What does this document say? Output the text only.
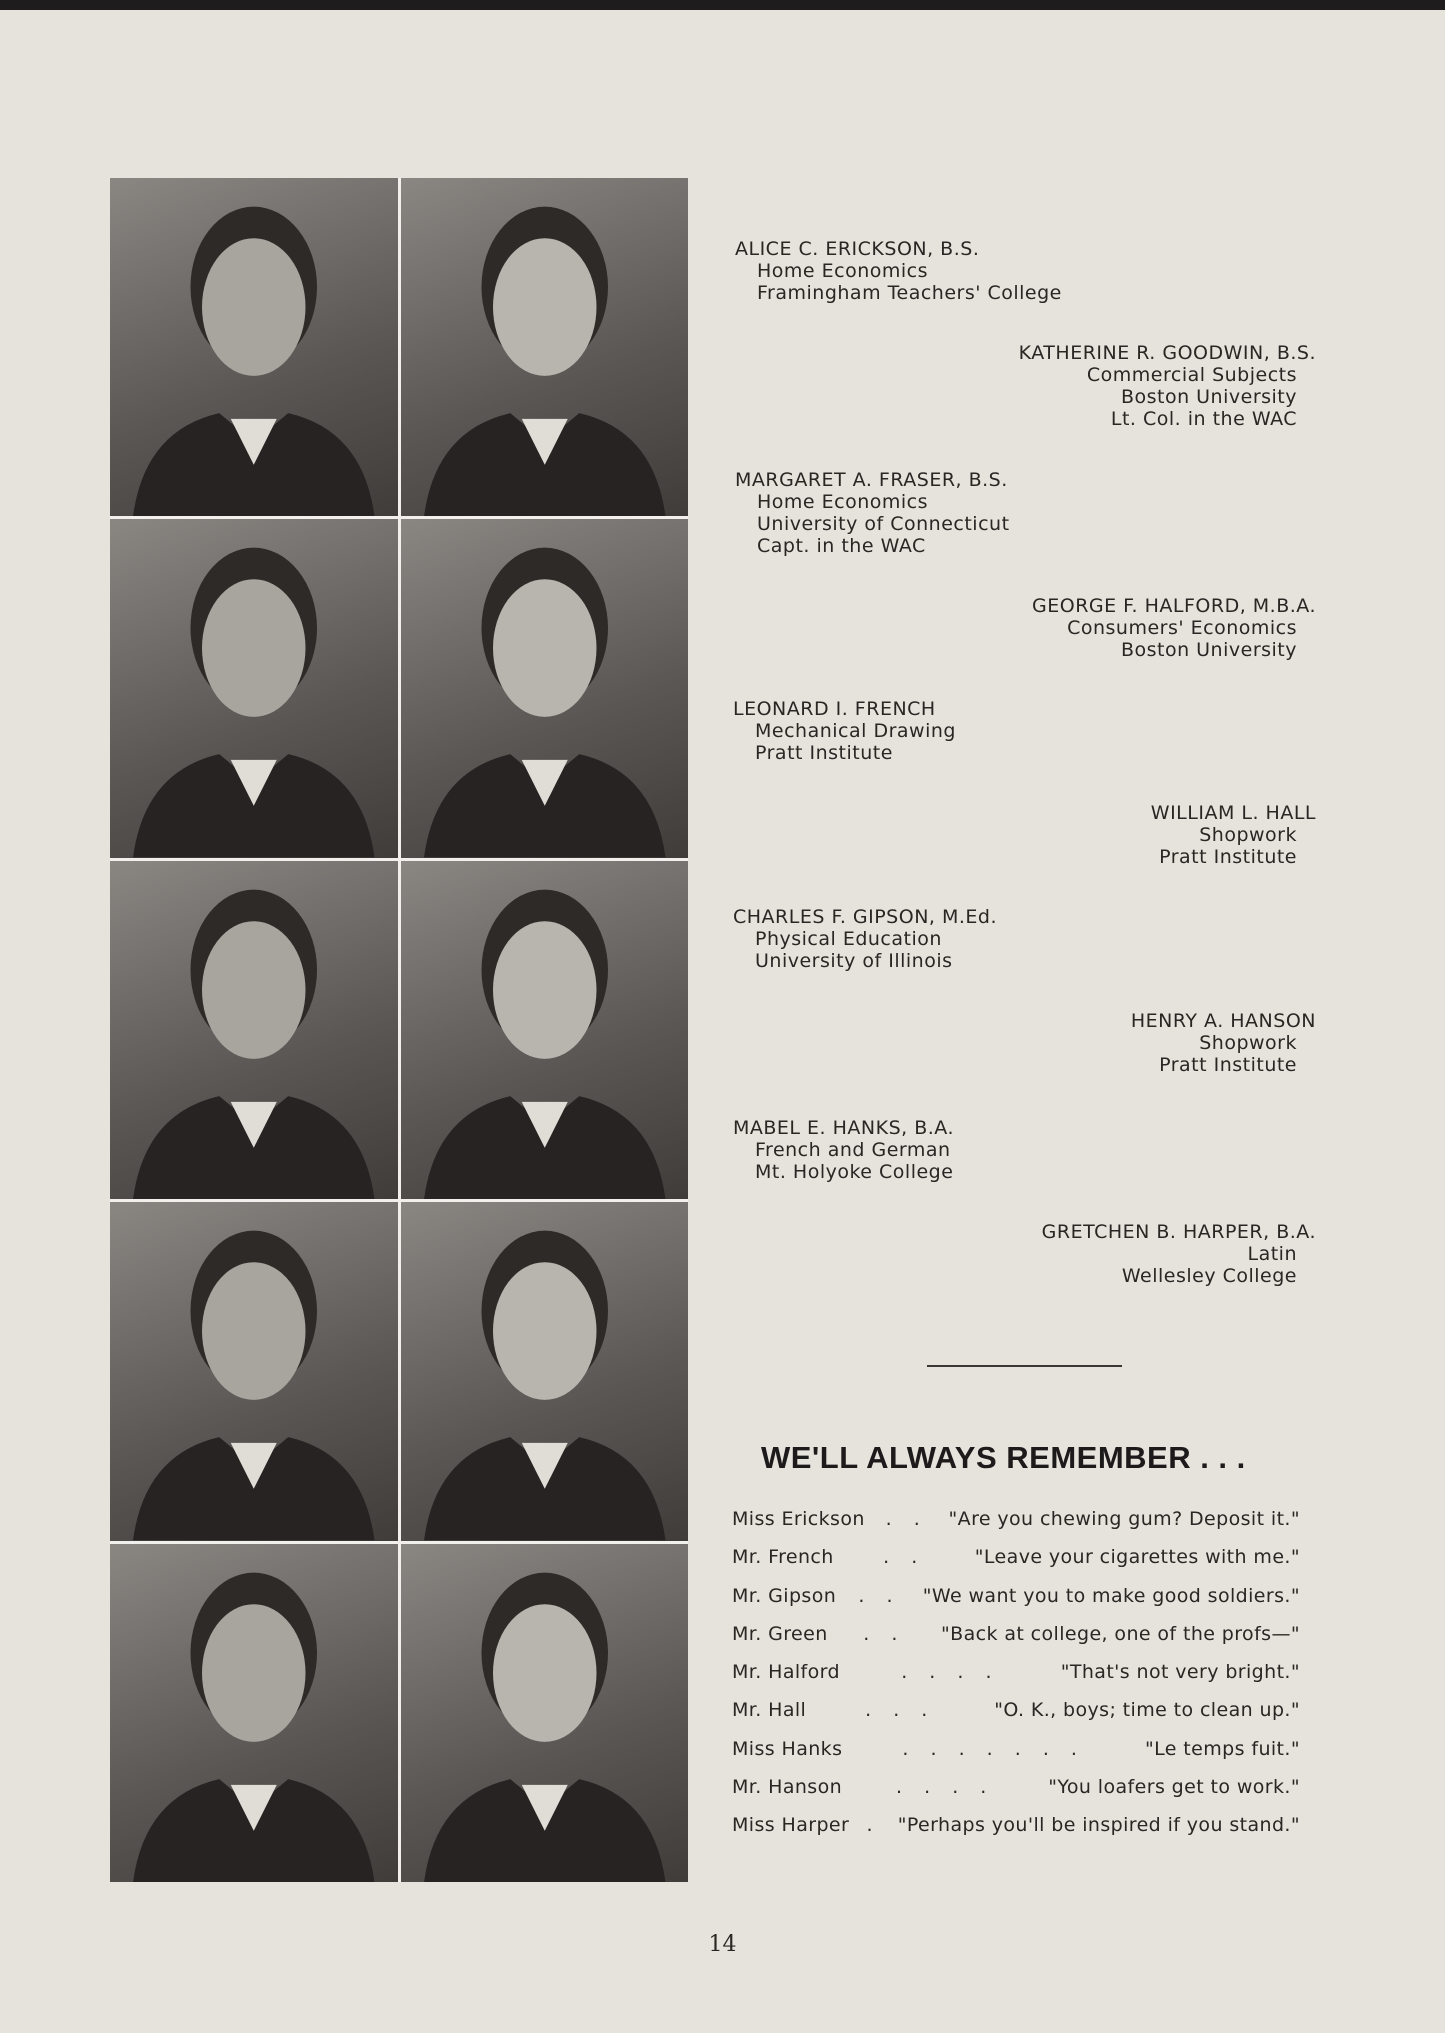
ALICE C. ERICKSON, B.S.
Home Economics
Framingham Teachers' College
KATHERINE R. GOODWIN, B.S.
Commercial Subjects
Boston University
Lt. Col. in the WAC
MARGARET A. FRASER, B.S.
Home Economics
University of Connecticut
Capt. in the WAC
GEORGE F. HALFORD, M.B.A.
Consumers' Economics
Boston University
LEONARD I. FRENCH
Mechanical Drawing
Pratt Institute
WILLIAM L. HALL
Shopwork
Pratt Institute
CHARLES F. GIPSON, M.Ed.
Physical Education
University of Illinois
HENRY A. HANSON
Shopwork
Pratt Institute
MABEL E. HANKS, B.A.
French and German
Mt. Holyoke College
GRETCHEN B. HARPER, B.A.
Latin
Wellesley College
WE'LL ALWAYS REMEMBER . . .
Miss Erickson	. .	"Are you chewing gum? Deposit it."
Mr. French	. .	"Leave your cigarettes with me."
Mr. Gipson	. .	"We want you to make good soldiers."
Mr. Green	. .	"Back at college, one of the profs—"
Mr. Halford	. . . .	"That's not very bright."
Mr. Hall	. . .	"O. K., boys; time to clean up."
Miss Hanks	. . . . . . .	"Le temps fuit."
Mr. Hanson	. . . .	"You loafers get to work."
Miss Harper . "Perhaps you'll be inspired if you stand."
14
